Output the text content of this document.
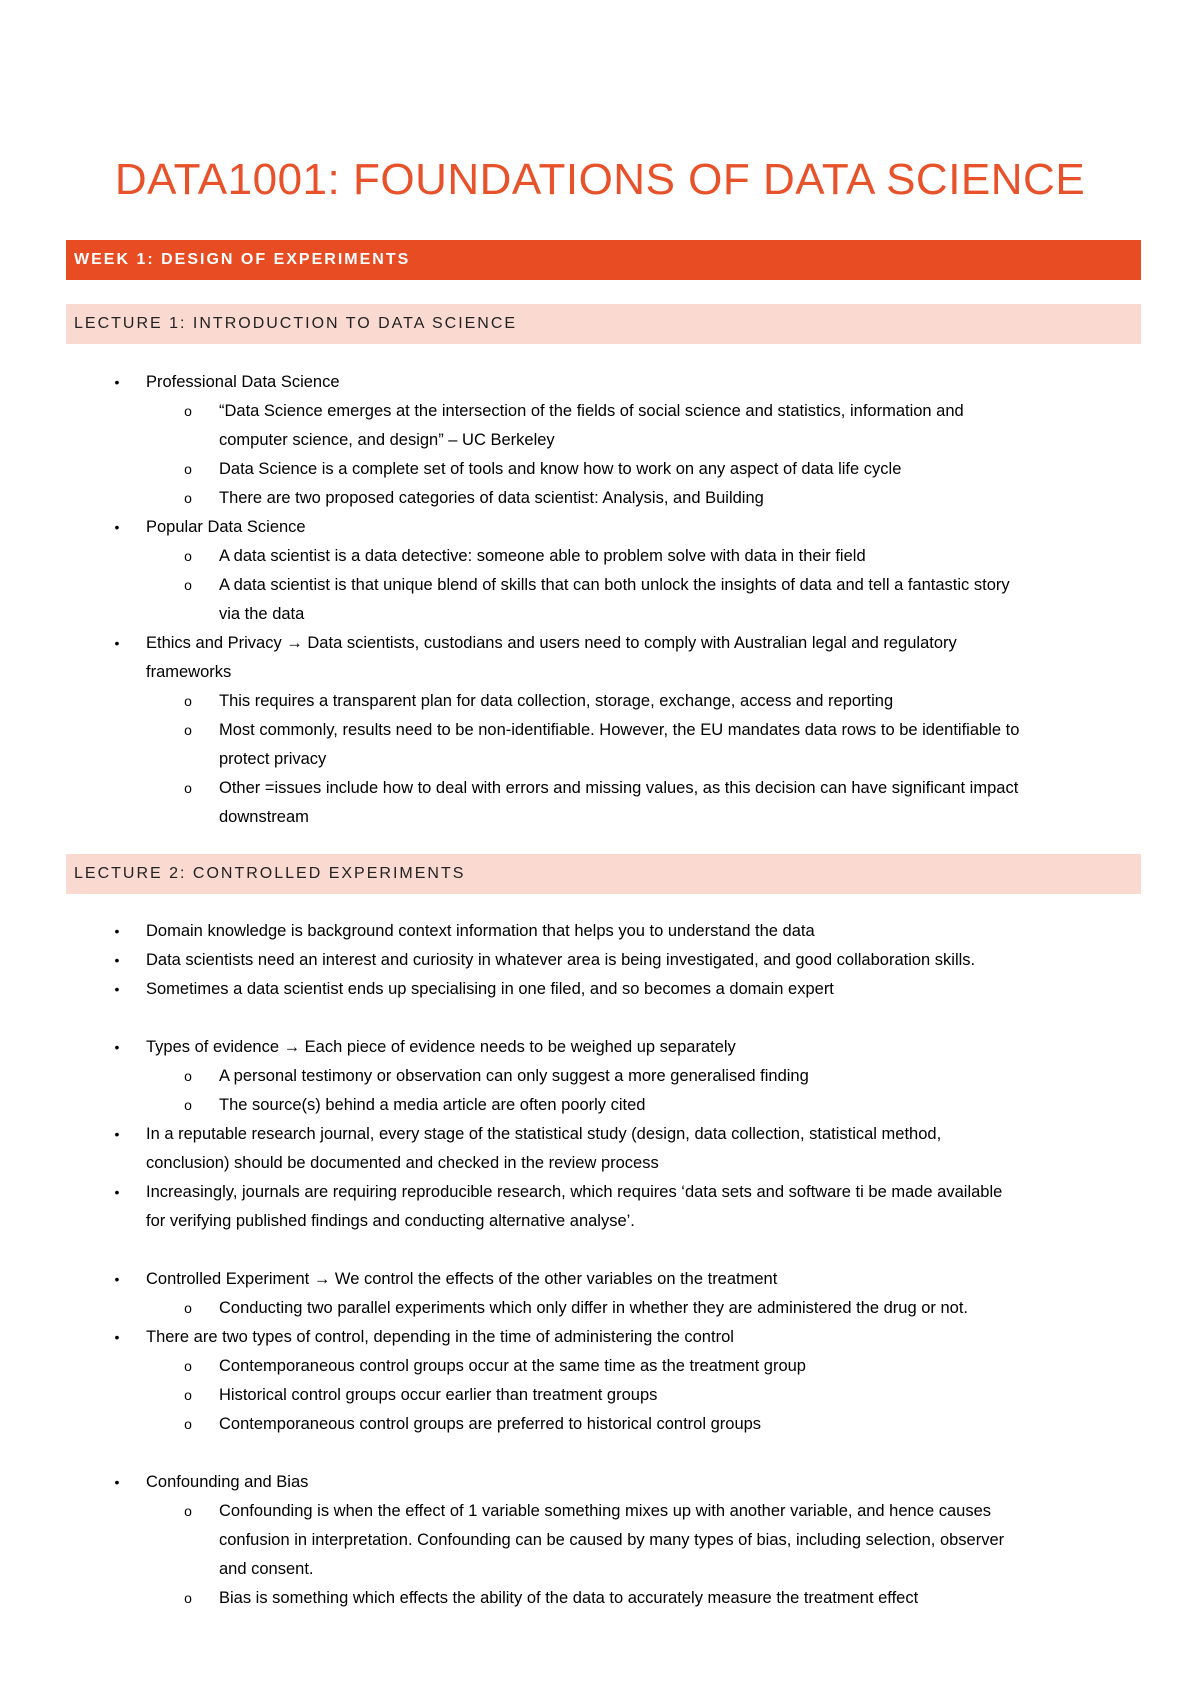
DATA1001: FOUNDATIONS OF DATA SCIENCE
WEEK 1: DESIGN OF EXPERIMENTS
LECTURE 1: INTRODUCTION TO DATA SCIENCE
• Professional Data Science
o “Data Science emerges at the intersection of the fields of social science and statistics, information and
computer science, and design” – UC Berkeley
o Data Science is a complete set of tools and know how to work on any aspect of data life cycle
o There are two proposed categories of data scientist: Analysis, and Building
• Popular Data Science
o A data scientist is a data detective: someone able to problem solve with data in their field
o A data scientist is that unique blend of skills that can both unlock the insights of data and tell a fantastic story
via the data
• Ethics and Privacy → Data scientists, custodians and users need to comply with Australian legal and regulatory
frameworks
o This requires a transparent plan for data collection, storage, exchange, access and reporting
o Most commonly, results need to be non-identifiable. However, the EU mandates data rows to be identifiable to
protect privacy
o Other =issues include how to deal with errors and missing values, as this decision can have significant impact
downstream
LECTURE 2: CONTROLLED EXPERIMENTS
• Domain knowledge is background context information that helps you to understand the data
• Data scientists need an interest and curiosity in whatever area is being investigated, and good collaboration skills.
• Sometimes a data scientist ends up specialising in one filed, and so becomes a domain expert
• Types of evidence → Each piece of evidence needs to be weighed up separately
o A personal testimony or observation can only suggest a more generalised finding
o The source(s) behind a media article are often poorly cited
• In a reputable research journal, every stage of the statistical study (design, data collection, statistical method,
conclusion) should be documented and checked in the review process
• Increasingly, journals are requiring reproducible research, which requires ‘data sets and software ti be made available
for verifying published findings and conducting alternative analyse’.
• Controlled Experiment → We control the effects of the other variables on the treatment
o Conducting two parallel experiments which only differ in whether they are administered the drug or not.
• There are two types of control, depending in the time of administering the control
o Contemporaneous control groups occur at the same time as the treatment group
o Historical control groups occur earlier than treatment groups
o Contemporaneous control groups are preferred to historical control groups
• Confounding and Bias
o Confounding is when the effect of 1 variable something mixes up with another variable, and hence causes
confusion in interpretation. Confounding can be caused by many types of bias, including selection, observer
and consent.
o Bias is something which effects the ability of the data to accurately measure the treatment effect
